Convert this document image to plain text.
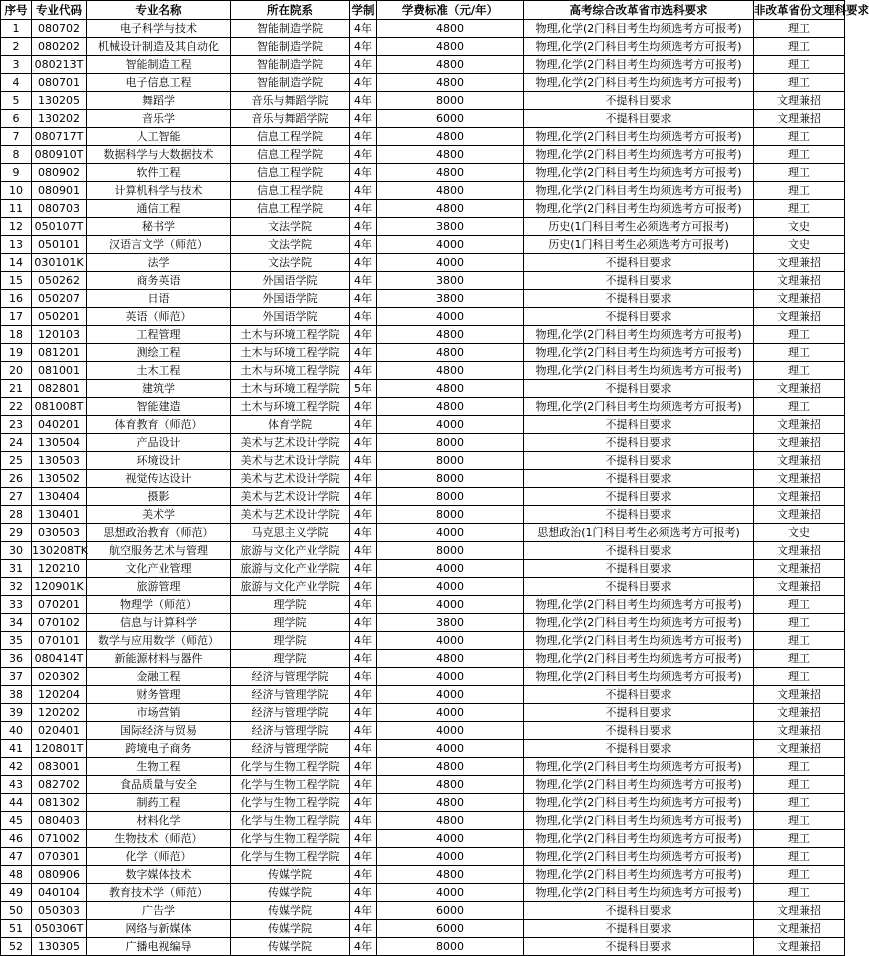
序号	专业代码	专业名称	所在院系	学制	学费标准（元/年）	高考综合改革省市选科要求	非改革省份文理科要求
1	080702	电子科学与技术	智能制造学院	4年	4800	物理,化学(2门科目考生均须选考方可报考)	理工
2	080202	机械设计制造及其自动化	智能制造学院	4年	4800	物理,化学(2门科目考生均须选考方可报考)	理工
3	080213T	智能制造工程	智能制造学院	4年	4800	物理,化学(2门科目考生均须选考方可报考)	理工
4	080701	电子信息工程	智能制造学院	4年	4800	物理,化学(2门科目考生均须选考方可报考)	理工
5	130205	舞蹈学	音乐与舞蹈学院	4年	8000	不提科目要求	文理兼招
6	130202	音乐学	音乐与舞蹈学院	4年	6000	不提科目要求	文理兼招
7	080717T	人工智能	信息工程学院	4年	4800	物理,化学(2门科目考生均须选考方可报考)	理工
8	080910T	数据科学与大数据技术	信息工程学院	4年	4800	物理,化学(2门科目考生均须选考方可报考)	理工
9	080902	软件工程	信息工程学院	4年	4800	物理,化学(2门科目考生均须选考方可报考)	理工
10	080901	计算机科学与技术	信息工程学院	4年	4800	物理,化学(2门科目考生均须选考方可报考)	理工
11	080703	通信工程	信息工程学院	4年	4800	物理,化学(2门科目考生均须选考方可报考)	理工
12	050107T	秘书学	文法学院	4年	3800	历史(1门科目考生必须选考方可报考)	文史
13	050101	汉语言文学（师范）	文法学院	4年	4000	历史(1门科目考生必须选考方可报考)	文史
14	030101K	法学	文法学院	4年	4000	不提科目要求	文理兼招
15	050262	商务英语	外国语学院	4年	3800	不提科目要求	文理兼招
16	050207	日语	外国语学院	4年	3800	不提科目要求	文理兼招
17	050201	英语（师范）	外国语学院	4年	4000	不提科目要求	文理兼招
18	120103	工程管理	土木与环境工程学院	4年	4800	物理,化学(2门科目考生均须选考方可报考)	理工
19	081201	测绘工程	土木与环境工程学院	4年	4800	物理,化学(2门科目考生均须选考方可报考)	理工
20	081001	土木工程	土木与环境工程学院	4年	4800	物理,化学(2门科目考生均须选考方可报考)	理工
21	082801	建筑学	土木与环境工程学院	5年	4800	不提科目要求	文理兼招
22	081008T	智能建造	土木与环境工程学院	4年	4800	物理,化学(2门科目考生均须选考方可报考)	理工
23	040201	体育教育（师范）	体育学院	4年	4000	不提科目要求	文理兼招
24	130504	产品设计	美术与艺术设计学院	4年	8000	不提科目要求	文理兼招
25	130503	环境设计	美术与艺术设计学院	4年	8000	不提科目要求	文理兼招
26	130502	视觉传达设计	美术与艺术设计学院	4年	8000	不提科目要求	文理兼招
27	130404	摄影	美术与艺术设计学院	4年	8000	不提科目要求	文理兼招
28	130401	美术学	美术与艺术设计学院	4年	8000	不提科目要求	文理兼招
29	030503	思想政治教育（师范）	马克思主义学院	4年	4000	思想政治(1门科目考生必须选考方可报考)	文史
30	130208TK	航空服务艺术与管理	旅游与文化产业学院	4年	8000	不提科目要求	文理兼招
31	120210	文化产业管理	旅游与文化产业学院	4年	4000	不提科目要求	文理兼招
32	120901K	旅游管理	旅游与文化产业学院	4年	4000	不提科目要求	文理兼招
33	070201	物理学（师范）	理学院	4年	4000	物理,化学(2门科目考生均须选考方可报考)	理工
34	070102	信息与计算科学	理学院	4年	3800	物理,化学(2门科目考生均须选考方可报考)	理工
35	070101	数学与应用数学（师范）	理学院	4年	4000	物理,化学(2门科目考生均须选考方可报考)	理工
36	080414T	新能源材料与器件	理学院	4年	4800	物理,化学(2门科目考生均须选考方可报考)	理工
37	020302	金融工程	经济与管理学院	4年	4000	物理,化学(2门科目考生均须选考方可报考)	理工
38	120204	财务管理	经济与管理学院	4年	4000	不提科目要求	文理兼招
39	120202	市场营销	经济与管理学院	4年	4000	不提科目要求	文理兼招
40	020401	国际经济与贸易	经济与管理学院	4年	4000	不提科目要求	文理兼招
41	120801T	跨境电子商务	经济与管理学院	4年	4000	不提科目要求	文理兼招
42	083001	生物工程	化学与生物工程学院	4年	4800	物理,化学(2门科目考生均须选考方可报考)	理工
43	082702	食品质量与安全	化学与生物工程学院	4年	4800	物理,化学(2门科目考生均须选考方可报考)	理工
44	081302	制药工程	化学与生物工程学院	4年	4800	物理,化学(2门科目考生均须选考方可报考)	理工
45	080403	材料化学	化学与生物工程学院	4年	4800	物理,化学(2门科目考生均须选考方可报考)	理工
46	071002	生物技术（师范）	化学与生物工程学院	4年	4000	物理,化学(2门科目考生均须选考方可报考)	理工
47	070301	化学（师范）	化学与生物工程学院	4年	4000	物理,化学(2门科目考生均须选考方可报考)	理工
48	080906	数字媒体技术	传媒学院	4年	4800	物理,化学(2门科目考生均须选考方可报考)	理工
49	040104	教育技术学（师范）	传媒学院	4年	4000	物理,化学(2门科目考生均须选考方可报考)	理工
50	050303	广告学	传媒学院	4年	6000	不提科目要求	文理兼招
51	050306T	网络与新媒体	传媒学院	4年	6000	不提科目要求	文理兼招
52	130305	广播电视编导	传媒学院	4年	8000	不提科目要求	文理兼招
